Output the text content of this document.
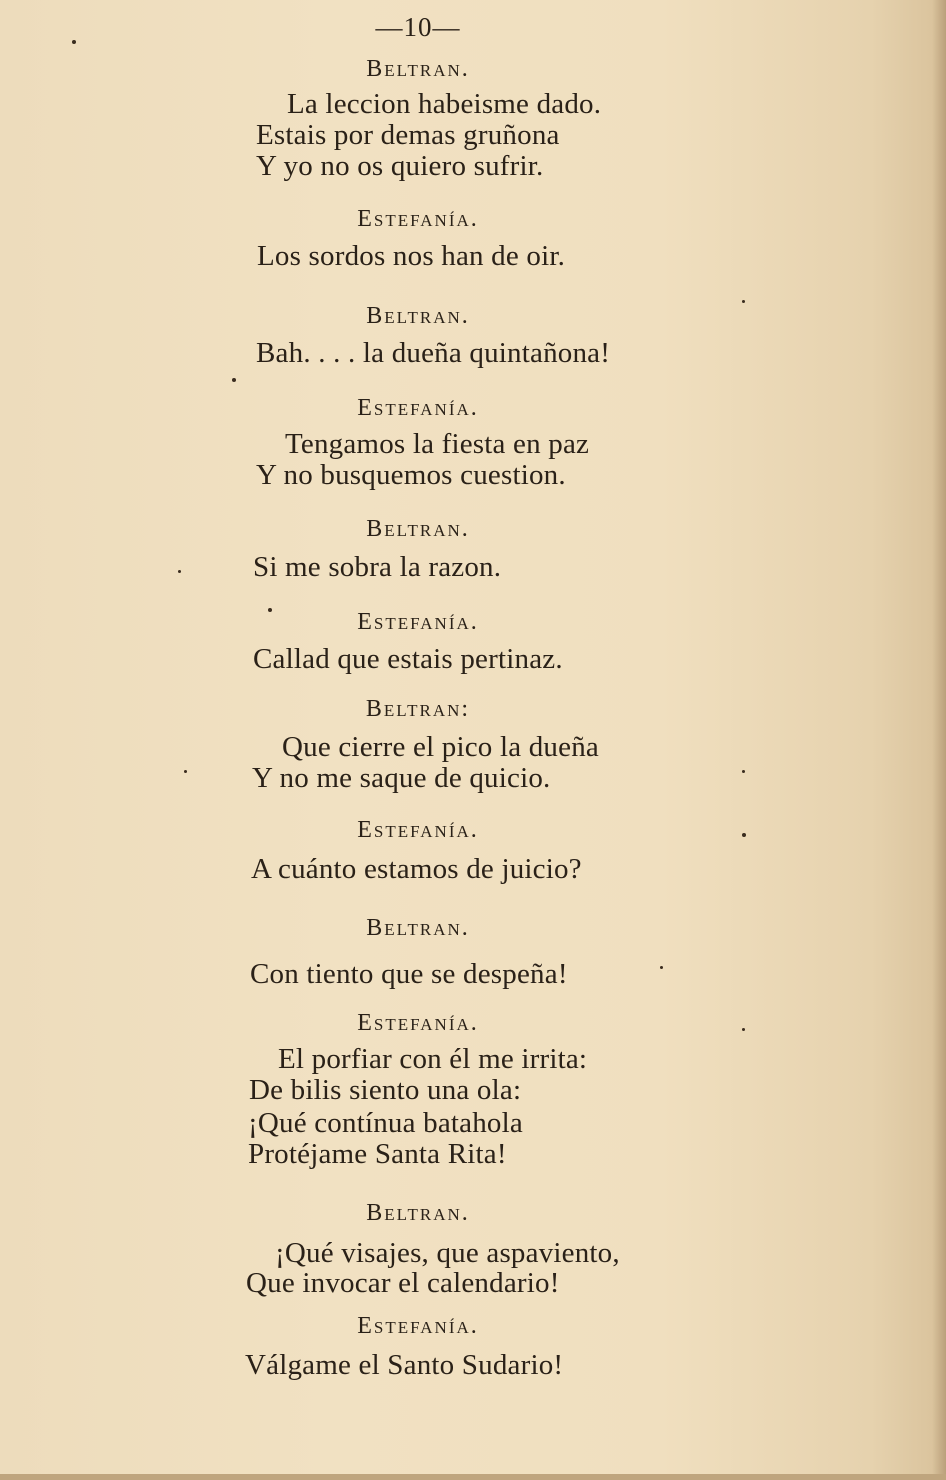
—10—
Beltran.
La leccion habeisme dado.
Estais por demas gruñona
Y yo no os quiero sufrir.
Estefanía.
Los sordos nos han de oir.
Beltran.
Bah. . . . la dueña quintañona!
Estefanía.
Tengamos la fiesta en paz
Y no busquemos cuestion.
Beltran.
Si me sobra la razon.
Estefanía.
Callad que estais pertinaz.
Beltran:
Que cierre el pico la dueña
Y no me saque de quicio.
Estefanía.
A cuánto estamos de juicio?
Beltran.
Con tiento que se despeña!
Estefanía.
El porfiar con él me irrita:
De bilis siento una ola:
¡Qué contínua batahola
Protéjame Santa Rita!
Beltran.
¡Qué visajes, que aspaviento,
Que invocar el calendario!
Estefanía.
Válgame el Santo Sudario!
